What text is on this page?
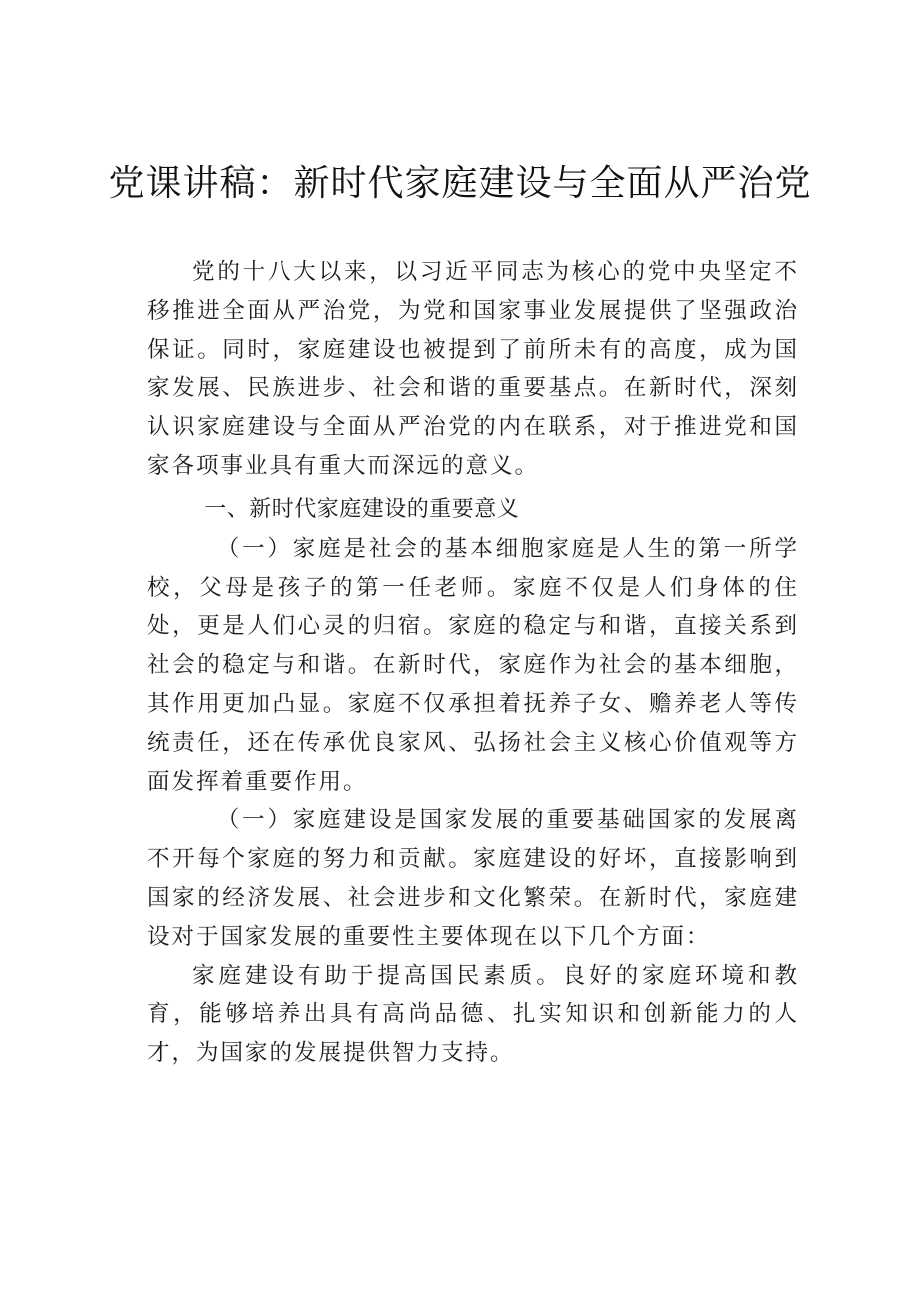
党课讲稿：新时代家庭建设与全面从严治党

党的十八大以来，以习近平同志为核心的党中央坚定不移推进全面从严治党，为党和国家事业发展提供了坚强政治保证。同时，家庭建设也被提到了前所未有的高度，成为国家发展、民族进步、社会和谐的重要基点。在新时代，深刻认识家庭建设与全面从严治党的内在联系，对于推进党和国家各项事业具有重大而深远的意义。

一、新时代家庭建设的重要意义

（一）家庭是社会的基本细胞家庭是人生的第一所学校，父母是孩子的第一任老师。家庭不仅是人们身体的住处，更是人们心灵的归宿。家庭的稳定与和谐，直接关系到社会的稳定与和谐。在新时代，家庭作为社会的基本细胞，其作用更加凸显。家庭不仅承担着抚养子女、赡养老人等传统责任，还在传承优良家风、弘扬社会主义核心价值观等方面发挥着重要作用。

（一）家庭建设是国家发展的重要基础国家的发展离不开每个家庭的努力和贡献。家庭建设的好坏，直接影响到国家的经济发展、社会进步和文化繁荣。在新时代，家庭建设对于国家发展的重要性主要体现在以下几个方面：

家庭建设有助于提高国民素质。良好的家庭环境和教育，能够培养出具有高尚品德、扎实知识和创新能力的人才，为国家的发展提供智力支持。
